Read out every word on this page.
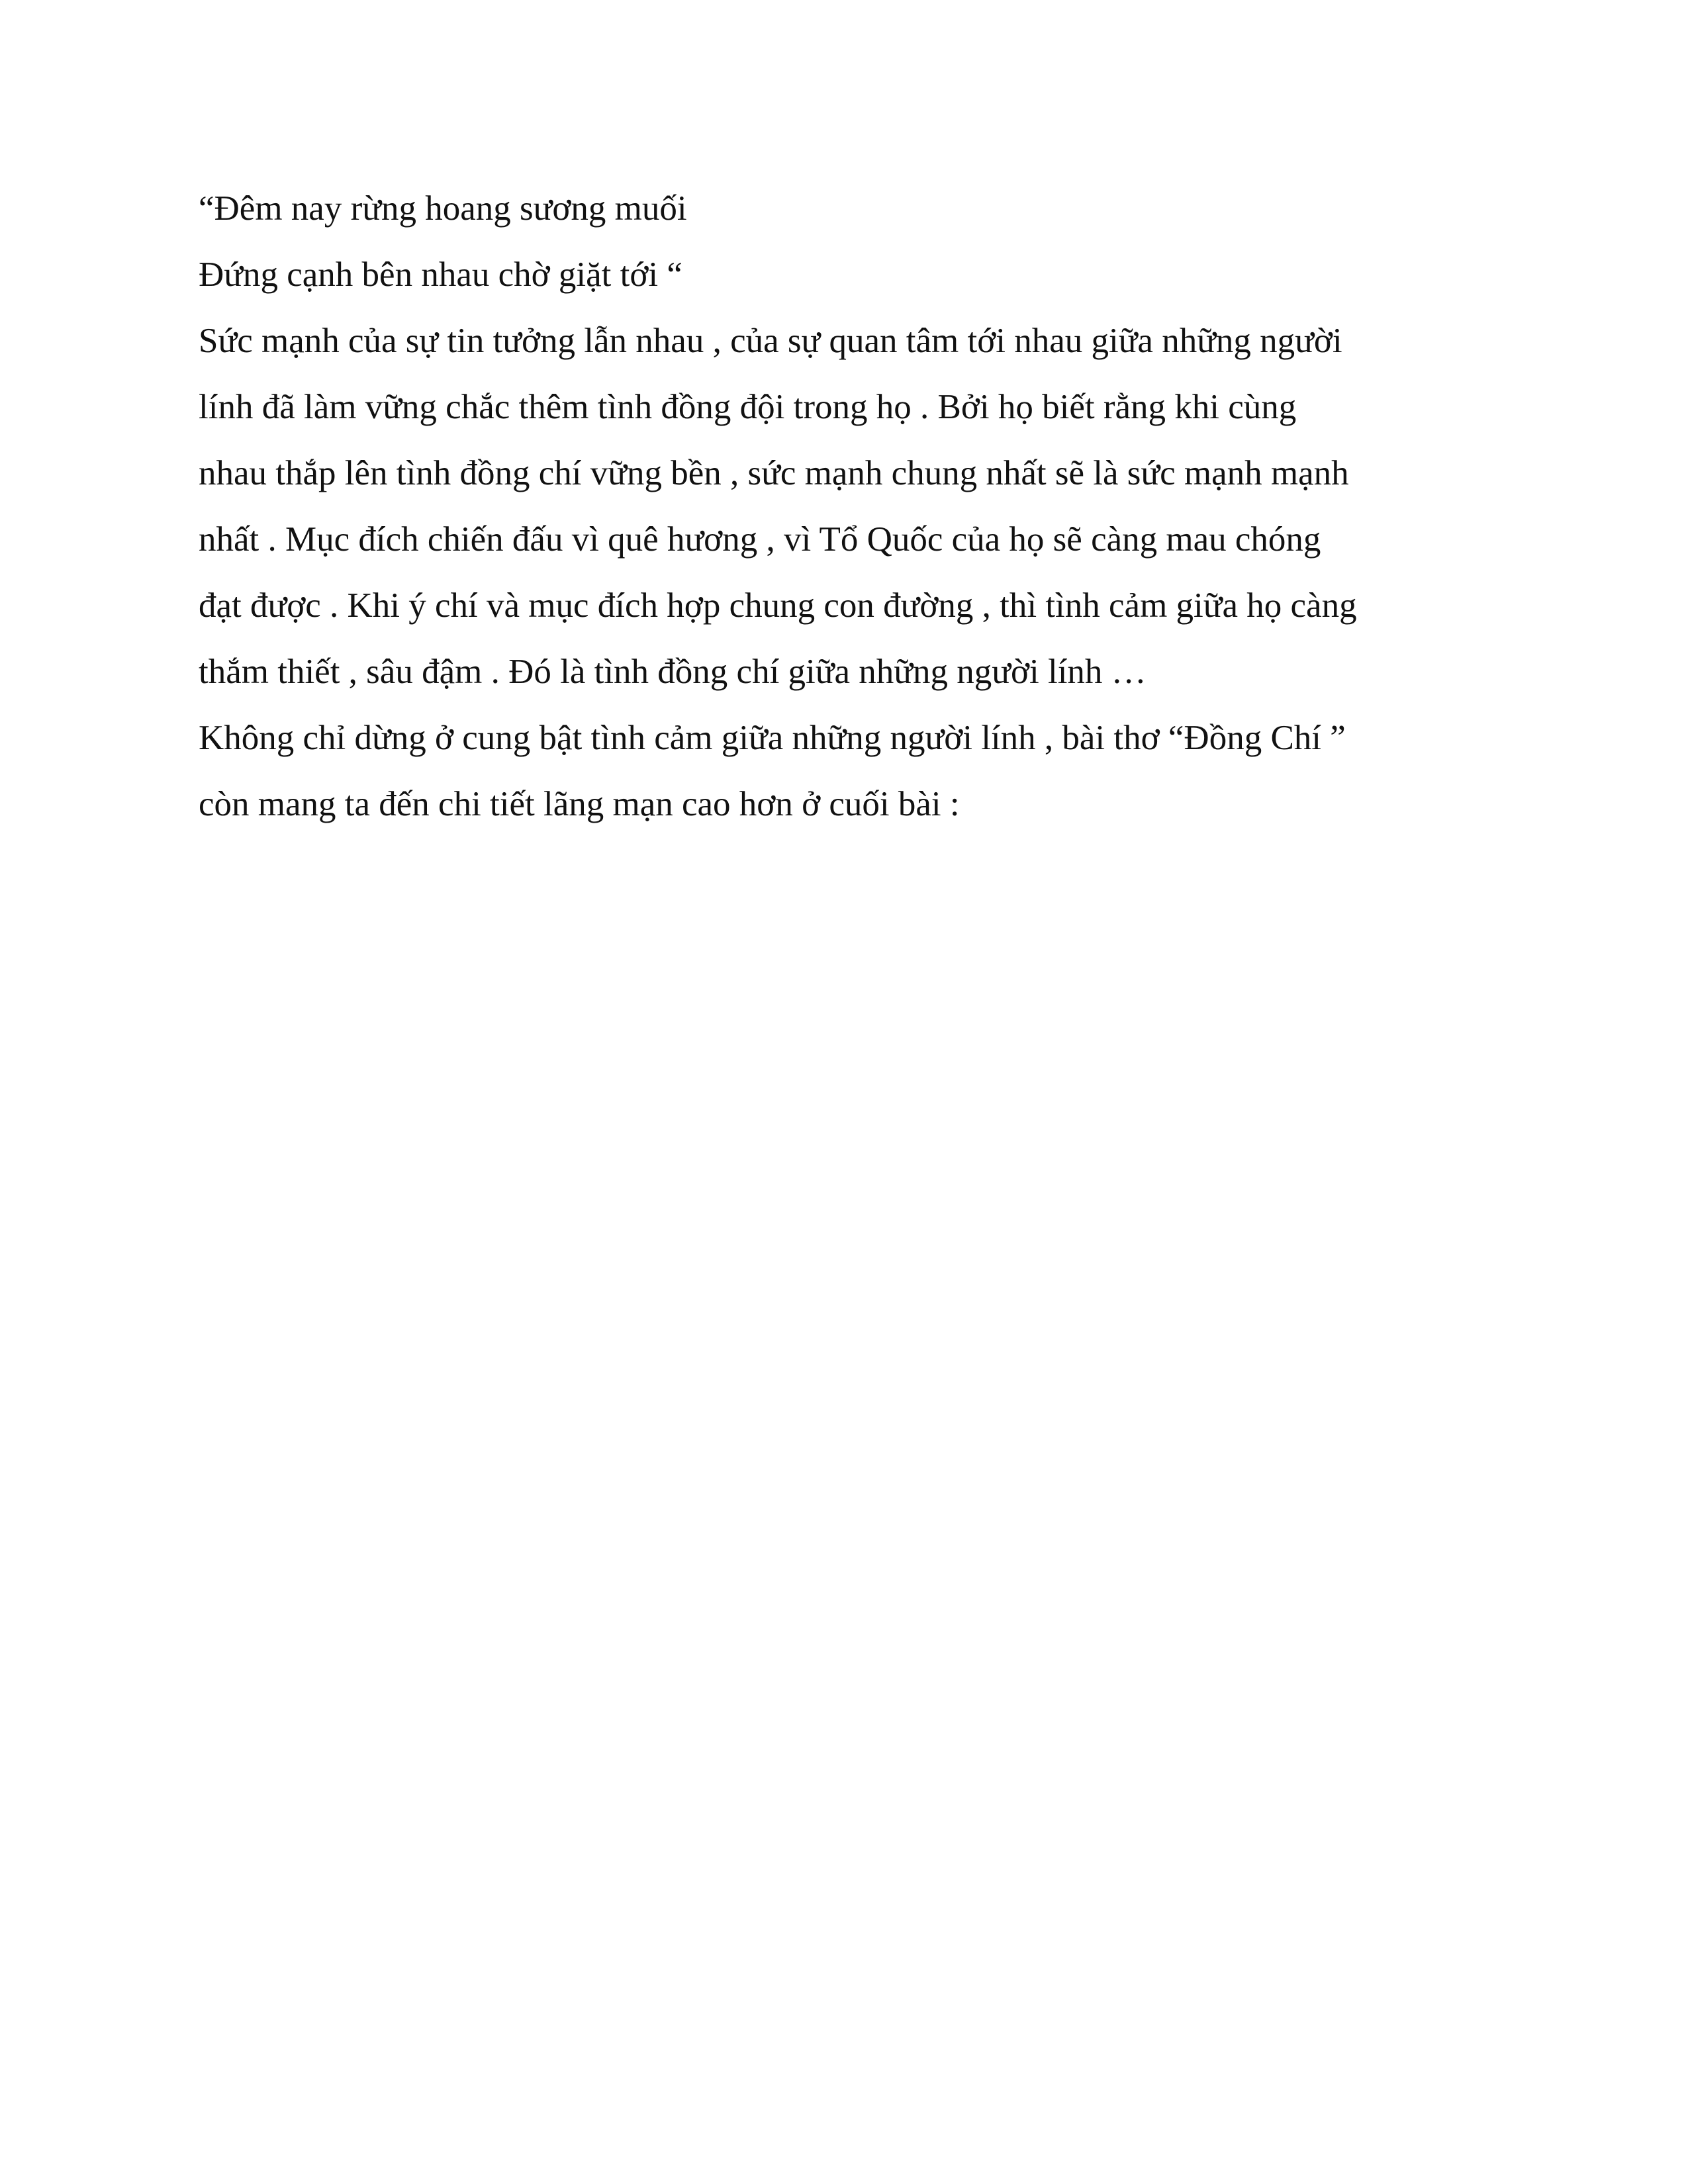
“Đêm nay rừng hoang sương muối
Đứng cạnh bên nhau chờ giặt tới “
Sức mạnh của sự tin tưởng lẫn nhau , của sự quan tâm tới nhau giữa những người
lính đã làm vững chắc thêm tình đồng đội trong họ . Bởi họ biết rằng khi cùng
nhau thắp lên tình đồng chí vững bền , sức mạnh chung nhất sẽ là sức mạnh mạnh
nhất . Mục đích chiến đấu vì quê hương , vì Tổ Quốc của họ sẽ càng mau chóng
đạt được . Khi ý chí và mục đích hợp chung con đường , thì tình cảm giữa họ càng
thắm thiết , sâu đậm . Đó là tình đồng chí giữa những người lính …
Không chỉ dừng ở cung bật tình cảm giữa những người lính , bài thơ “Đồng Chí ”
còn mang ta đến chi tiết lãng mạn cao hơn ở cuối bài :
